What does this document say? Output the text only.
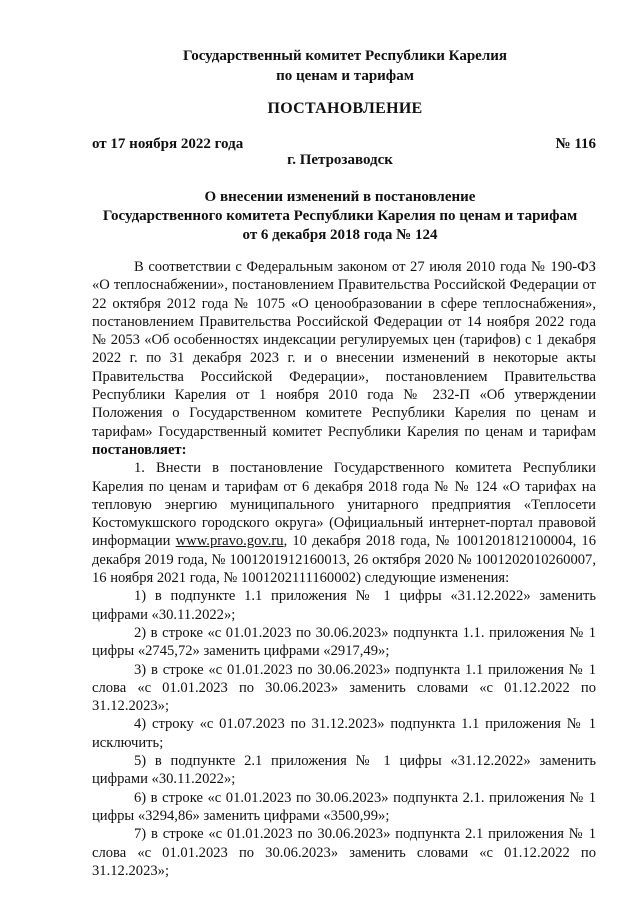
Государственный комитет Республики Карелия
по ценам и тарифам
ПОСТАНОВЛЕНИЕ
от 17 ноября 2022 года	№ 116
г. Петрозаводск
О внесении изменений в постановление
Государственного комитета Республики Карелия по ценам и тарифам
от 6 декабря 2018 года № 124

В соответствии с Федеральным законом от 27 июля 2010 года № 190-ФЗ «О теплоснабжении», постановлением Правительства Российской Федерации от 22 октября 2012 года № 1075 «О ценообразовании в сфере теплоснабжения», постановлением Правительства Российской Федерации от 14 ноября 2022 года № 2053 «Об особенностях индексации регулируемых цен (тарифов) с 1 декабря 2022 г. по 31 декабря 2023 г. и о внесении изменений в некоторые акты Правительства Российской Федерации», постановлением Правительства Республики Карелия от 1 ноября 2010 года № 232-П «Об утверждении Положения о Государственном комитете Республики Карелия по ценам и тарифам» Государственный комитет Республики Карелия по ценам и тарифам постановляет:

1. Внести в постановление Государственного комитета Республики Карелия по ценам и тарифам от 6 декабря 2018 года № № 124 «О тарифах на тепловую энергию муниципального унитарного предприятия «Теплосети Костомукшского городского округа» (Официальный интернет-портал правовой информации www.pravo.gov.ru, 10 декабря 2018 года, № 1001201812100004, 16 декабря 2019 года, № 1001201912160013, 26 октября 2020 № 1001202010260007, 16 ноября 2021 года, № 1001202111160002) следующие изменения:

1) в подпункте 1.1 приложения № 1 цифры «31.12.2022» заменить цифрами «30.11.2022»;

2) в строке «с 01.01.2023 по 30.06.2023» подпункта 1.1. приложения № 1 цифры «2745,72» заменить цифрами «2917,49»;

3) в строке «с 01.01.2023 по 30.06.2023» подпункта 1.1 приложения № 1 слова «с 01.01.2023 по 30.06.2023» заменить словами «с 01.12.2022 по 31.12.2023»;

4) строку «с 01.07.2023 по 31.12.2023» подпункта 1.1 приложения № 1 исключить;

5) в подпункте 2.1 приложения № 1 цифры «31.12.2022» заменить цифрами «30.11.2022»;

6) в строке «с 01.01.2023 по 30.06.2023» подпункта 2.1. приложения № 1 цифры «3294,86» заменить цифрами «3500,99»;

7) в строке «с 01.01.2023 по 30.06.2023» подпункта 2.1 приложения № 1 слова «с 01.01.2023 по 30.06.2023» заменить словами «с 01.12.2022 по 31.12.2023»;
